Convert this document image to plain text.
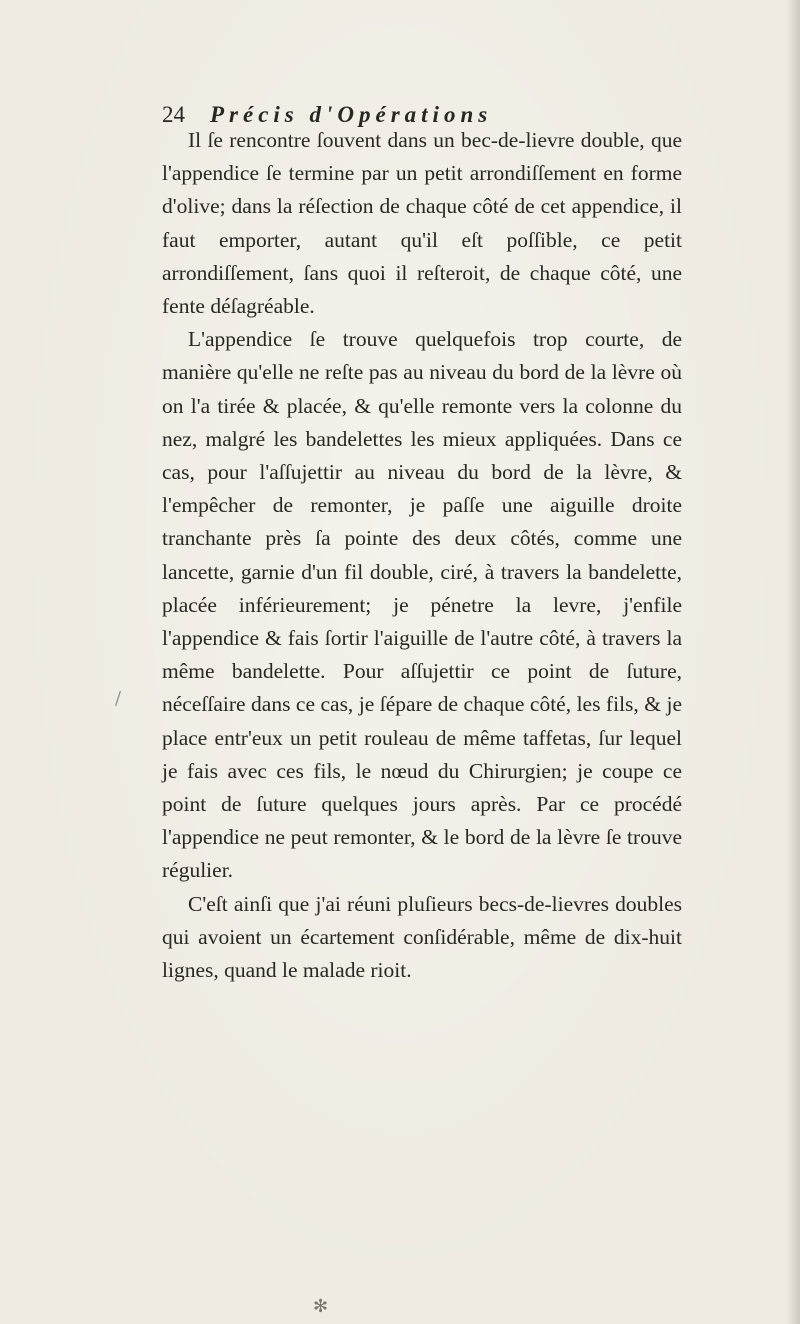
24	Précis d'Opérations

Il ſe rencontre ſouvent dans un bec-de-lievre double, que l'appendice ſe termine par un petit arrondiſſement en forme d'olive; dans la réſection de chaque côté de cet appendice, il faut emporter, autant qu'il eſt poſſible, ce petit arrondiſſement, ſans quoi il reſteroit, de chaque côté, une fente déſagréable.

L'appendice ſe trouve quelquefois trop courte, de manière qu'elle ne reſte pas au niveau du bord de la lèvre où on l'a tirée & placée, & qu'elle remonte vers la colonne du nez, malgré les bandelettes les mieux appliquées. Dans ce cas, pour l'aſſujettir au niveau du bord de la lèvre, & l'empêcher de remonter, je paſſe une aiguille droite tranchante près ſa pointe des deux côtés, comme une lancette, garnie d'un fil double, ciré, à travers la bandelette, placée inférieurement; je pénetre la levre, j'enfile l'appendice & fais ſortir l'aiguille de l'autre côté, à travers la même bandelette. Pour aſſujettir ce point de ſuture, néceſſaire dans ce cas, je ſépare de chaque côté, les fils, & je place entr'eux un petit rouleau de même taffetas, ſur lequel je fais avec ces fils, le nœud du Chirurgien; je coupe ce point de ſuture quelques jours après. Par ce procédé l'appendice ne peut remonter, & le bord de la lèvre ſe trouve régulier.

C'eſt ainſi que j'ai réuni pluſieurs becs-de-lievres doubles qui avoient un écartement conſidérable, même de dix-huit lignes, quand le malade rioit.

/
✻
